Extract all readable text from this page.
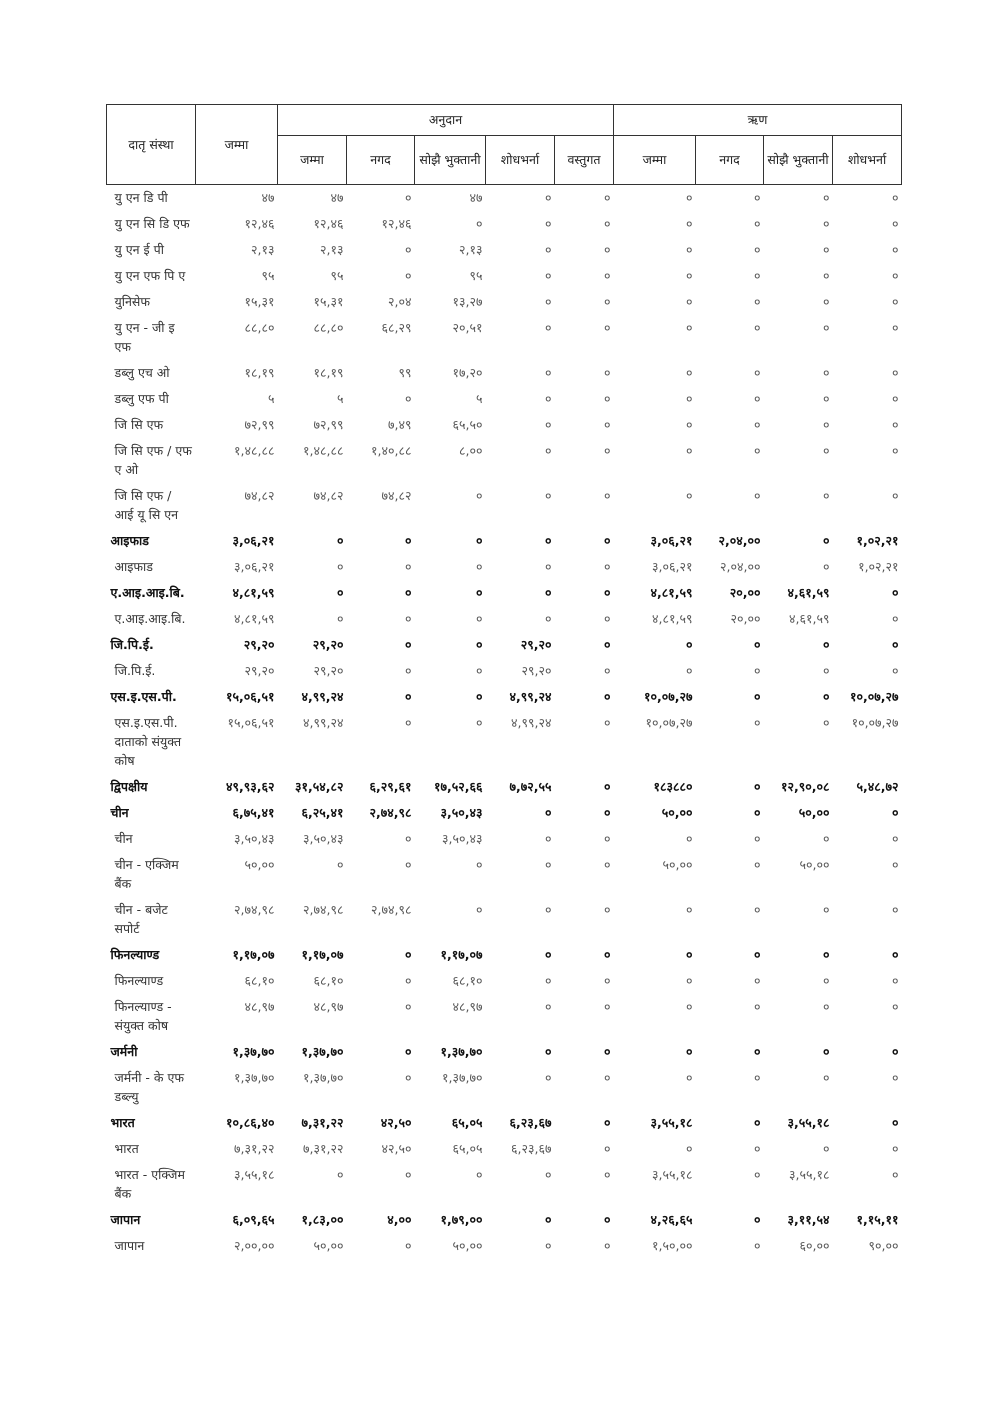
दातृ संस्था	जम्मा	अनुदान					ऋण			
		जम्मा	नगद	सोझै भुक्तानी	शोधभर्ना	वस्तुगत	जम्मा	नगद	सोझै भुक्तानी	शोधभर्ना
यु एन डि पी	४७	४७	०	४७	०	०	०	०	०	०
यु एन सि डि एफ	१२,४६	१२,४६	१२,४६	०	०	०	०	०	०	०
यु एन ई पी	२,१३	२,१३	०	२,१३	०	०	०	०	०	०
यु एन एफ पि ए	९५	९५	०	९५	०	०	०	०	०	०
युनिसेफ	१५,३१	१५,३१	२,०४	१३,२७	०	०	०	०	०	०
यु एन - जी इ एफ	८८,८०	८८,८०	६८,२९	२०,५१	०	०	०	०	०	०
डब्लु एच ओ	१८,१९	१८,१९	९९	१७,२०	०	०	०	०	०	०
डब्लु एफ पी	५	५	०	५	०	०	०	०	०	०
जि सि एफ	७२,९९	७२,९९	७,४९	६५,५०	०	०	०	०	०	०
जि सि एफ / एफ ए ओ	१,४८,८८	१,४८,८८	१,४०,८८	८,००	०	०	०	०	०	०
जि सि एफ / आई यू सि एन	७४,८२	७४,८२	७४,८२	०	०	०	०	०	०	०
आइफाड	३,०६,२१	०	०	०	०	०	३,०६,२१	२,०४,००	०	१,०२,२१
आइफाड	३,०६,२१	०	०	०	०	०	३,०६,२१	२,०४,००	०	१,०२,२१
ए.आइ.आइ.बि.	४,८१,५९	०	०	०	०	०	४,८१,५९	२०,००	४,६१,५९	०
ए.आइ.आइ.बि.	४,८१,५९	०	०	०	०	०	४,८१,५९	२०,००	४,६१,५९	०
जि.पि.ई.	२९,२०	२९,२०	०	०	२९,२०	०	०	०	०	०
जि.पि.ई.	२९,२०	२९,२०	०	०	२९,२०	०	०	०	०	०
एस.इ.एस.पी.	१५,०६,५१	४,९९,२४	०	०	४,९९,२४	०	१०,०७,२७	०	०	१०,०७,२७
एस.इ.एस.पी. दाताको संयुक्त कोष	१५,०६,५१	४,९९,२४	०	०	४,९९,२४	०	१०,०७,२७	०	०	१०,०७,२७
द्विपक्षीय	४९,९३,६२	३१,५४,८२	६,२९,६१	१७,५२,६६	७,७२,५५	०	१८३८८०	०	१२,९०,०८	५,४८,७२
चीन	६,७५,४१	६,२५,४१	२,७४,९८	३,५०,४३	०	०	५०,००	०	५०,००	०
चीन	३,५०,४३	३,५०,४३	०	३,५०,४३	०	०	०	०	०	०
चीन - एक्जिम बैंक	५०,००	०	०	०	०	०	५०,००	०	५०,००	०
चीन - बजेट सपोर्ट	२,७४,९८	२,७४,९८	२,७४,९८	०	०	०	०	०	०	०
फिनल्याण्ड	१,१७,०७	१,१७,०७	०	१,१७,०७	०	०	०	०	०	०
फिनल्याण्ड	६८,१०	६८,१०	०	६८,१०	०	०	०	०	०	०
फिनल्याण्ड - संयुक्त कोष	४८,९७	४८,९७	०	४८,९७	०	०	०	०	०	०
जर्मनी	१,३७,७०	१,३७,७०	०	१,३७,७०	०	०	०	०	०	०
जर्मनी - के एफ डब्ल्यु	१,३७,७०	१,३७,७०	०	१,३७,७०	०	०	०	०	०	०
भारत	१०,८६,४०	७,३१,२२	४२,५०	६५,०५	६,२३,६७	०	३,५५,१८	०	३,५५,१८	०
भारत	७,३१,२२	७,३१,२२	४२,५०	६५,०५	६,२३,६७	०	०	०	०	०
भारत - एक्जिम बैंक	३,५५,१८	०	०	०	०	०	३,५५,१८	०	३,५५,१८	०
जापान	६,०९,६५	१,८३,००	४,००	१,७९,००	०	०	४,२६,६५	०	३,११,५४	१,१५,११
जापान	२,००,००	५०,००	०	५०,००	०	०	१,५०,००	०	६०,००	९०,००
